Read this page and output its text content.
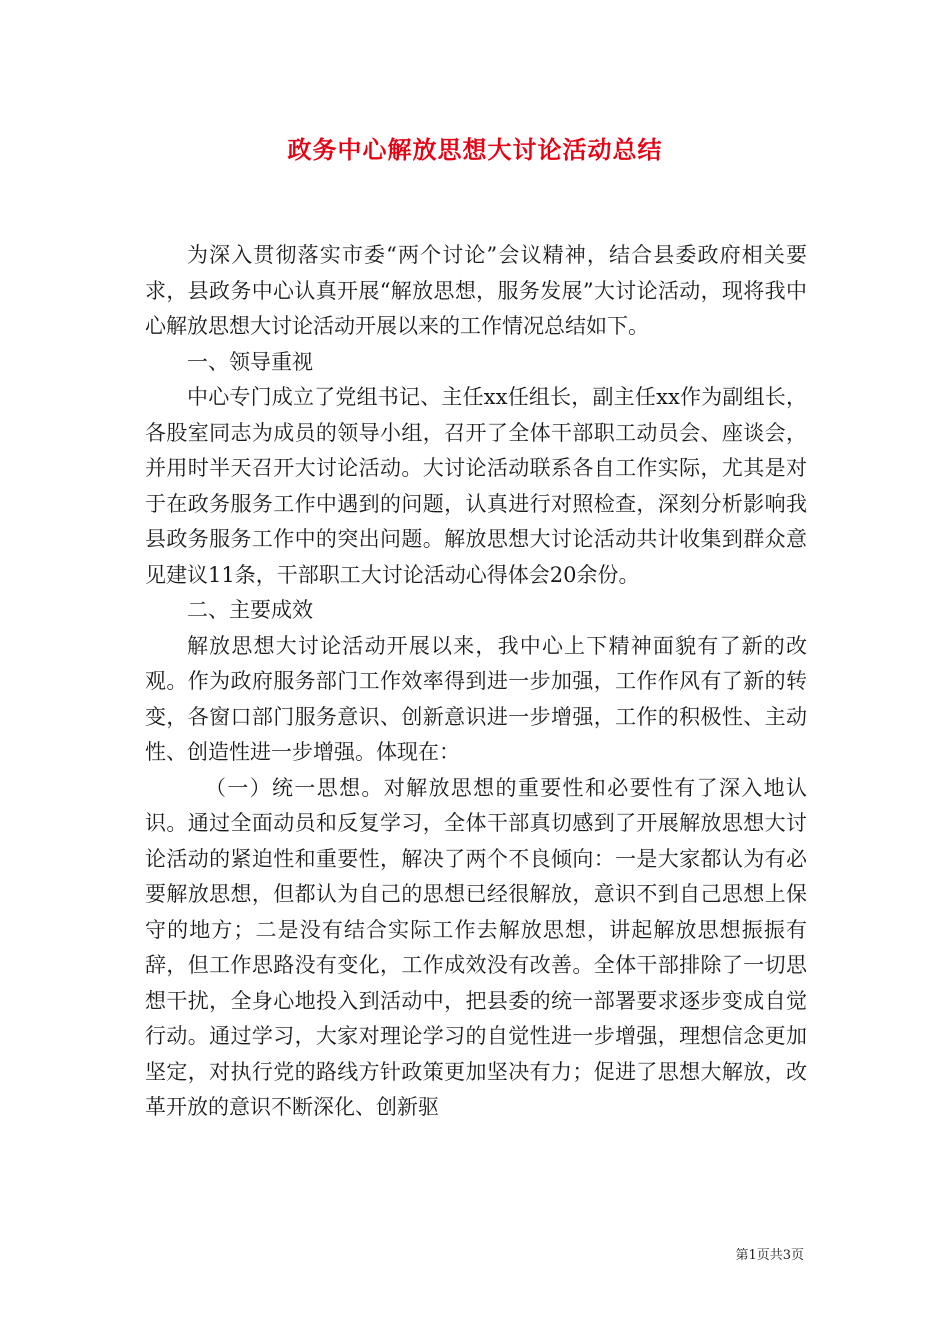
政务中心解放思想大讨论活动总结

为深入贯彻落实市委“两个讨论”会议精神，结合县委政府相关要求，县政务中心认真开展“解放思想，服务发展”大讨论活动，现将我中心解放思想大讨论活动开展以来的工作情况总结如下。

一、领导重视

中心专门成立了党组书记、主任xx任组长，副主任xx作为副组长，各股室同志为成员的领导小组，召开了全体干部职工动员会、座谈会，并用时半天召开大讨论活动。大讨论活动联系各自工作实际，尤其是对于在政务服务工作中遇到的问题，认真进行对照检查，深刻分析影响我县政务服务工作中的突出问题。解放思想大讨论活动共计收集到群众意见建议11条，干部职工大讨论活动心得体会20余份。

二、主要成效

解放思想大讨论活动开展以来，我中心上下精神面貌有了新的改观。作为政府服务部门工作效率得到进一步加强，工作作风有了新的转变，各窗口部门服务意识、创新意识进一步增强，工作的积极性、主动性、创造性进一步增强。体现在：

（一）统一思想。对解放思想的重要性和必要性有了深入地认识。通过全面动员和反复学习，全体干部真切感到了开展解放思想大讨论活动的紧迫性和重要性，解决了两个不良倾向：一是大家都认为有必要解放思想，但都认为自己的思想已经很解放，意识不到自己思想上保守的地方；二是没有结合实际工作去解放思想，讲起解放思想振振有辞，但工作思路没有变化，工作成效没有改善。全体干部排除了一切思想干扰，全身心地投入到活动中，把县委的统一部署要求逐步变成自觉行动。通过学习，大家对理论学习的自觉性进一步增强，理想信念更加坚定，对执行党的路线方针政策更加坚决有力；促进了思想大解放，改革开放的意识不断深化、创新驱

第1页共3页
